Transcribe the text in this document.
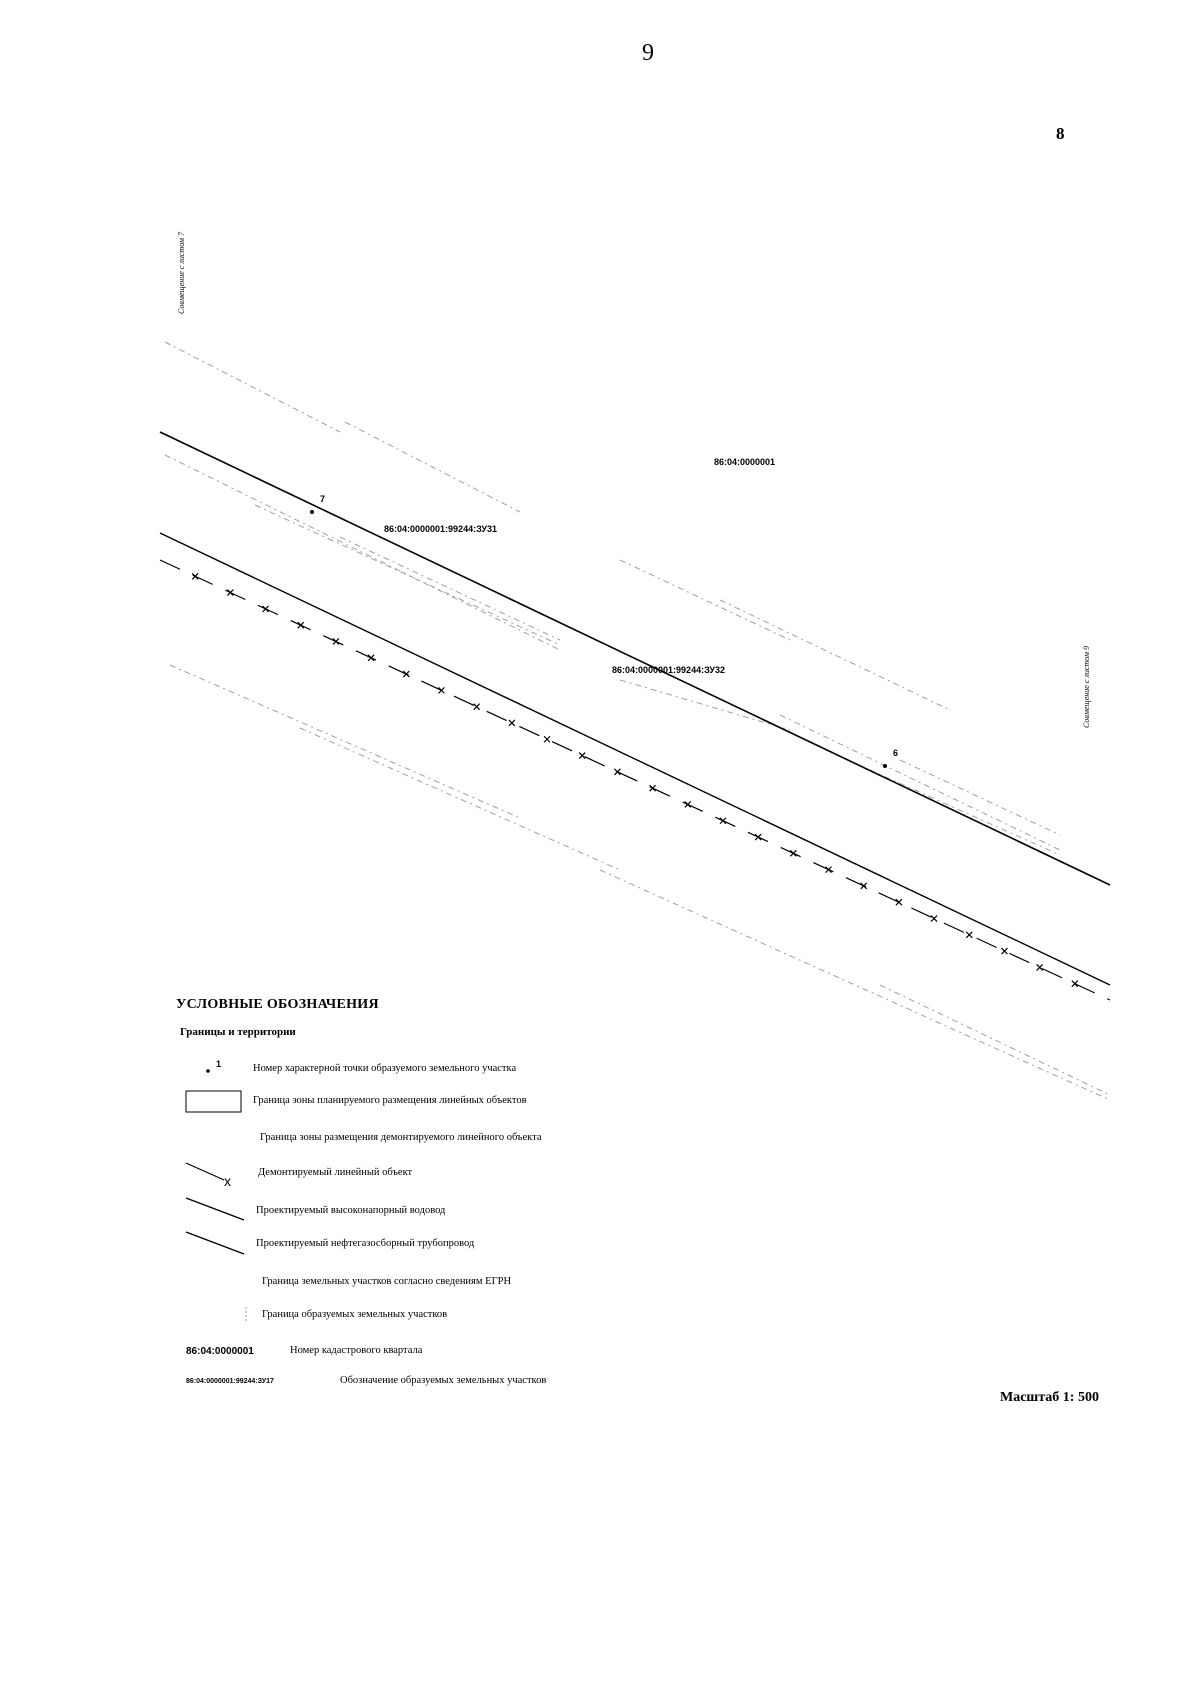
x
9
8
Совмещение с листом 7
Совмещение с листом 9
86:04:0000001
86:04:0000001:99244:ЗУ31
86:04:0000001:99244:ЗУ32
7
6
УСЛОВНЫЕ ОБОЗНАЧЕНИЯ
Границы и территории
1	Номер характерной точки образуемого земельного участка
Граница зоны планируемого размещения линейных объектов
Граница зоны размещения демонтируемого линейного объекта
Демонтируемый линейный объект
Проектируемый высоконапорный водовод
Проектируемый нефтегазосборный трубопровод
Граница земельных участков согласно сведениям ЕГРН
Граница образуемых земельных участков
86:04:0000001	Номер кадастрового квартала
86:04:0000001:99244:ЗУ17	Обозначение образуемых земельных участков
Масштаб 1: 500
